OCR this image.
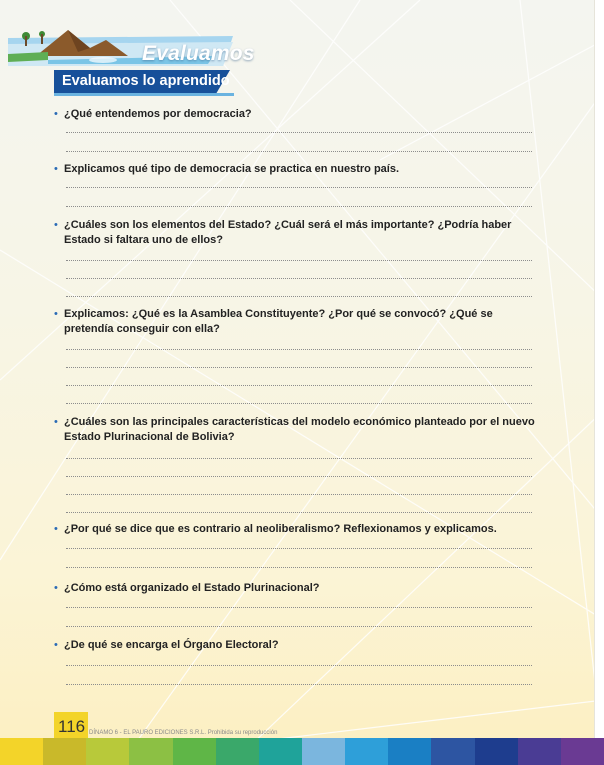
Evaluamos
Evaluamos lo aprendido
• ¿Qué entendemos por democracia?
• Explicamos qué tipo de democracia se practica en nuestro país.
• ¿Cuáles son los elementos del Estado? ¿Cuál será el más importante? ¿Podría haber Estado si faltara uno de ellos?
• Explicamos: ¿Qué es la Asamblea Constituyente? ¿Por qué se convocó? ¿Qué se pretendía conseguir con ella?
• ¿Cuáles son las principales características del modelo económico planteado por el nuevo Estado Plurinacional de Bolivia?
• ¿Por qué se dice que es contrario al neoliberalismo? Reflexionamos y explicamos.
• ¿Cómo está organizado el Estado Plurinacional?
• ¿De qué se encarga el Órgano Electoral?
116 DÍNAMO 6 - EL PAURO EDICIONES S.R.L. Prohibida su reproducción
